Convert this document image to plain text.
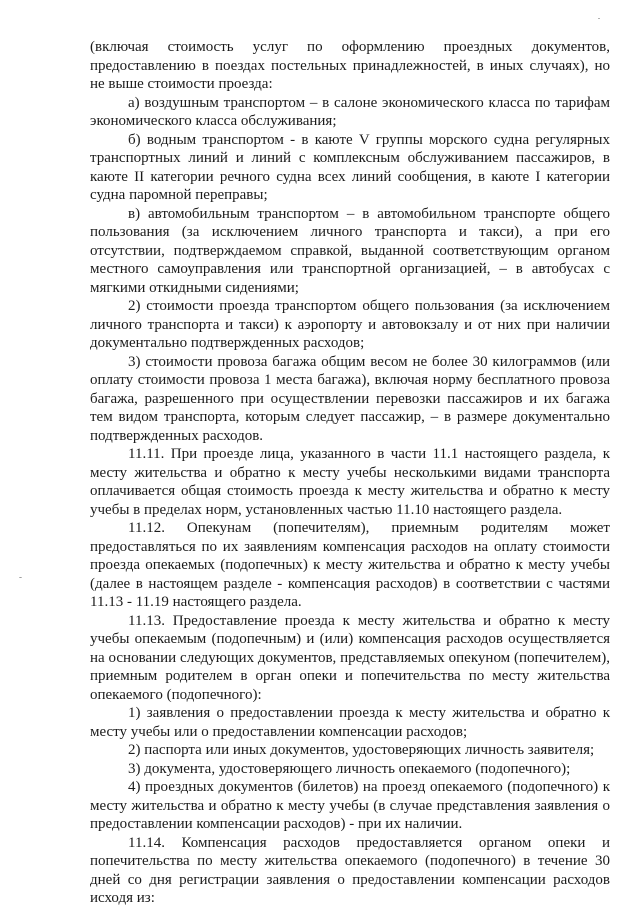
(включая стоимость услуг по оформлению проездных документов, предоставлению в поездах постельных принадлежностей, в иных случаях), но не выше стоимости проезда:

а) воздушным транспортом – в салоне экономического класса по тарифам экономического класса обслуживания;

б) водным транспортом - в каюте V группы морского судна регулярных транспортных линий и линий с комплексным обслуживанием пассажиров, в каюте II категории речного судна всех линий сообщения, в каюте I категории судна паромной переправы;

в) автомобильным транспортом – в автомобильном транспорте общего пользования (за исключением личного транспорта и такси), а при его отсутствии, подтверждаемом справкой, выданной соответствующим органом местного самоуправления или транспортной организацией, – в автобусах с мягкими откидными сидениями;

2) стоимости проезда транспортом общего пользования (за исключением личного транспорта и такси) к аэропорту и автовокзалу и от них при наличии документально подтвержденных расходов;

3) стоимости провоза багажа общим весом не более 30 килограммов (или оплату стоимости провоза 1 места багажа), включая норму бесплатного провоза багажа, разрешенного при осуществлении перевозки пассажиров и их багажа тем видом транспорта, которым следует пассажир, – в размере документально подтвержденных расходов.

11.11. При проезде лица, указанного в части 11.1 настоящего раздела, к месту жительства и обратно к месту учебы несколькими видами транспорта оплачивается общая стоимость проезда к месту жительства и обратно к месту учебы в пределах норм, установленных частью 11.10 настоящего раздела.

11.12. Опекунам (попечителям), приемным родителям может предоставляться по их заявлениям компенсация расходов на оплату стоимости проезда опекаемых (подопечных) к месту жительства и обратно к месту учебы (далее в настоящем разделе - компенсация расходов) в соответствии с частями 11.13 - 11.19 настоящего раздела.

11.13. Предоставление проезда к месту жительства и обратно к месту учебы опекаемым (подопечным) и (или) компенсация расходов осуществляется на основании следующих документов, представляемых опекуном (попечителем), приемным родителем в орган опеки и попечительства по месту жительства опекаемого (подопечного):

1) заявления о предоставлении проезда к месту жительства и обратно к месту учебы или о предоставлении компенсации расходов;

2) паспорта или иных документов, удостоверяющих личность заявителя;

3) документа, удостоверяющего личность опекаемого (подопечного);

4) проездных документов (билетов) на проезд опекаемого (подопечного) к месту жительства и обратно к месту учебы (в случае представления заявления о предоставлении компенсации расходов) - при их наличии.

11.14. Компенсация расходов предоставляется органом опеки и попечительства по месту жительства опекаемого (подопечного) в течение 30 дней со дня регистрации заявления о предоставлении компенсации расходов исходя из:
